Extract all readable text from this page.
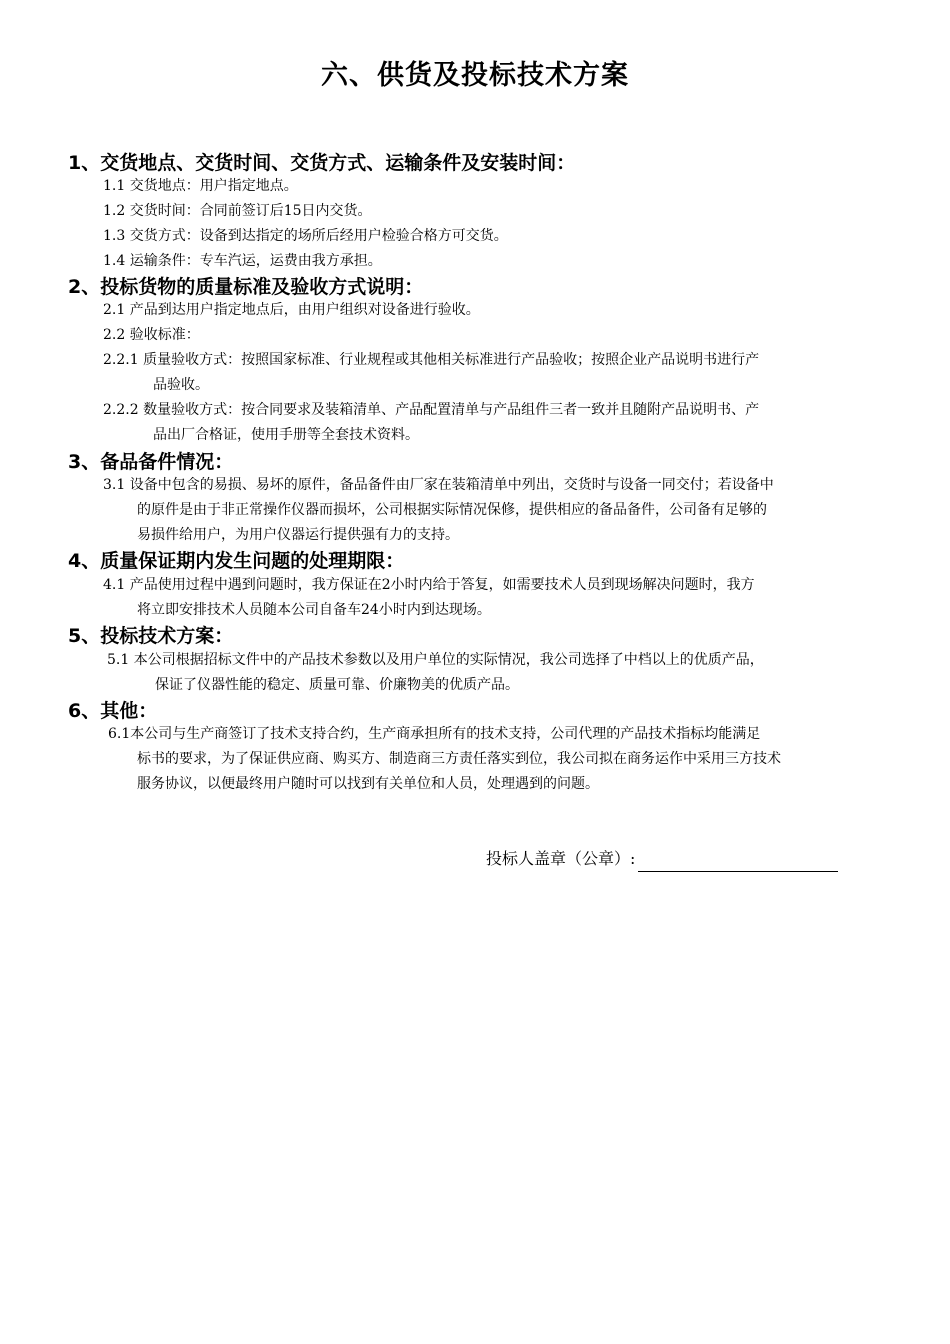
六、供货及投标技术方案
1、交货地点、交货时间、交货方式、运输条件及安装时间：
1.1 交货地点：用户指定地点。
1.2 交货时间：合同前签订后15日内交货。
1.3 交货方式：设备到达指定的场所后经用户检验合格方可交货。
1.4 运输条件：专车汽运，运费由我方承担。
2、投标货物的质量标准及验收方式说明：
2.1 产品到达用户指定地点后，由用户组织对设备进行验收。
2.2 验收标准：
2.2.1 质量验收方式：按照国家标准、行业规程或其他相关标准进行产品验收；按照企业产品说明书进行产
品验收。
2.2.2 数量验收方式：按合同要求及装箱清单、产品配置清单与产品组件三者一致并且随附产品说明书、产
品出厂合格证，使用手册等全套技术资料。
3、备品备件情况：
3.1 设备中包含的易损、易坏的原件，备品备件由厂家在装箱清单中列出，交货时与设备一同交付；若设备中
的原件是由于非正常操作仪器而损坏，公司根据实际情况保修，提供相应的备品备件，公司备有足够的
易损件给用户，为用户仪器运行提供强有力的支持。
4、质量保证期内发生问题的处理期限：
4.1 产品使用过程中遇到问题时，我方保证在2小时内给于答复，如需要技术人员到现场解决问题时，我方
将立即安排技术人员随本公司自备车24小时内到达现场。
5、投标技术方案：
5.1 本公司根据招标文件中的产品技术参数以及用户单位的实际情况，我公司选择了中档以上的优质产品，
保证了仪器性能的稳定、质量可靠、价廉物美的优质产品。
6、其他：
6.1本公司与生产商签订了技术支持合约，生产商承担所有的技术支持，公司代理的产品技术指标均能满足
标书的要求，为了保证供应商、购买方、制造商三方责任落实到位，我公司拟在商务运作中采用三方技术
服务协议，以便最终用户随时可以找到有关单位和人员，处理遇到的问题。
投标人盖章（公章）:
